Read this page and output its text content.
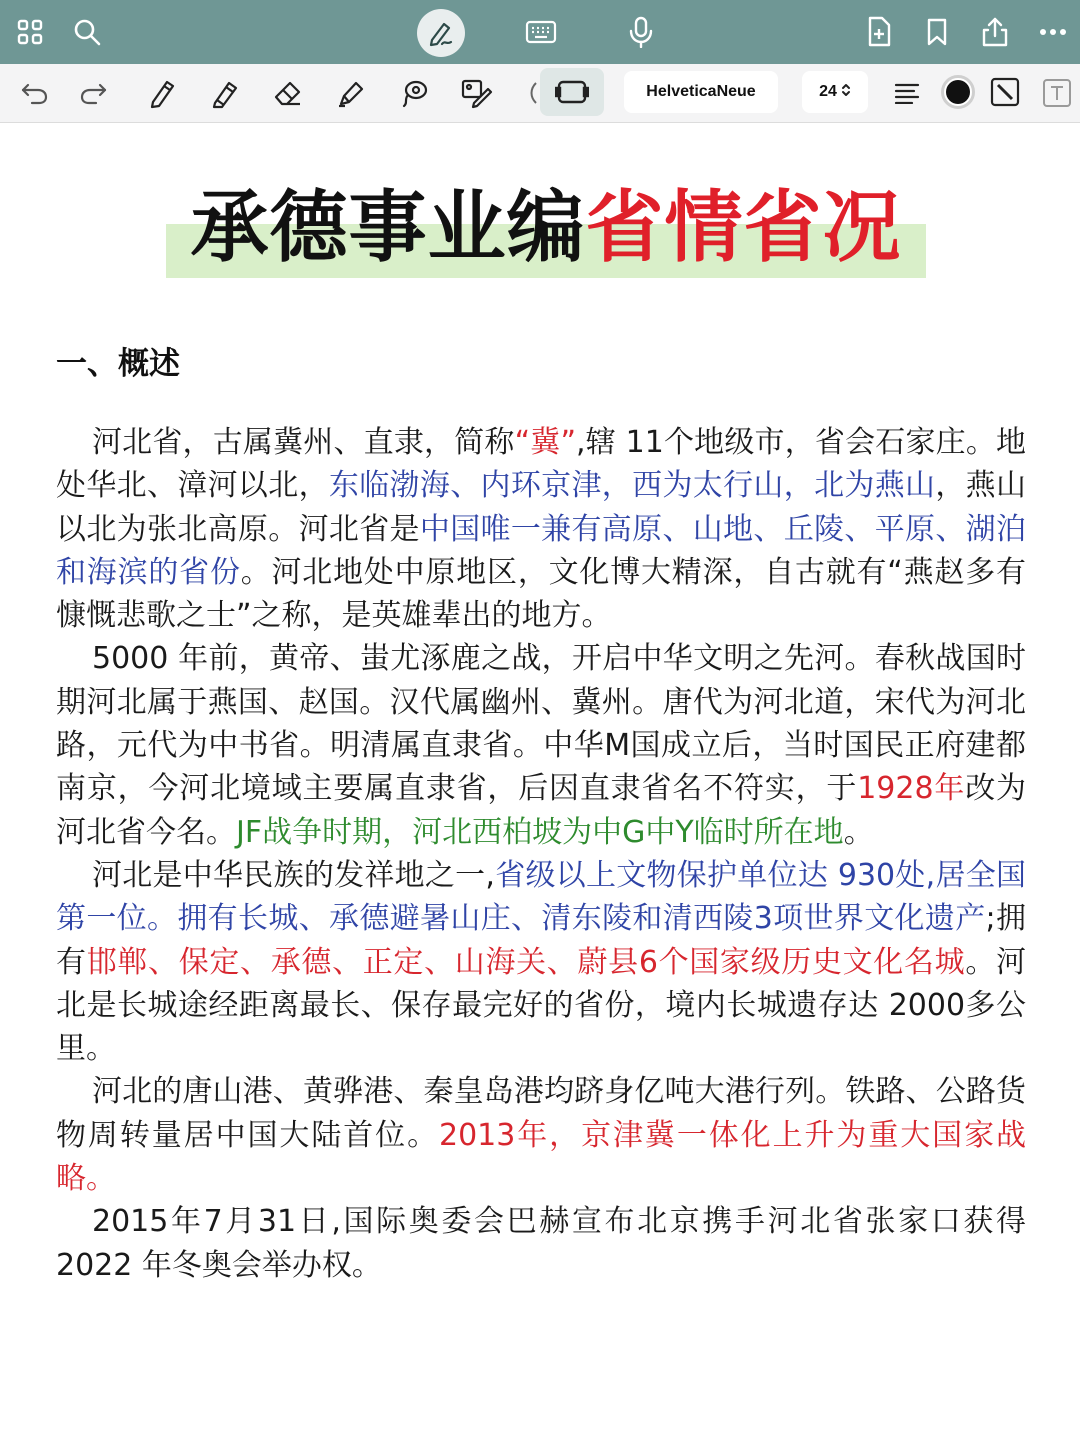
HelveticaNeue	24
承德事业编省情省况
一、概述

河北省，古属冀州、直隶，简称“冀”,辖 11个地级市，省会石家庄。地处华北、漳河以北，东临渤海、内环京津，西为太行山，北为燕山，燕山以北为张北高原。河北省是中国唯一兼有高原、山地、丘陵、平原、湖泊和海滨的省份。河北地处中原地区，文化博大精深，自古就有“燕赵多有慷慨悲歌之士”之称，是英雄辈出的地方。

5000 年前，黄帝、蚩尤涿鹿之战，开启中华文明之先河。春秋战国时期河北属于燕国、赵国。汉代属幽州、冀州。唐代为河北道，宋代为河北路，元代为中书省。明清属直隶省。中华M国成立后，当时国民正府建都南京，今河北境域主要属直隶省，后因直隶省名不符实，于1928年改为河北省今名。JF战争时期，河北西柏坡为中G中Y临时所在地。

河北是中华民族的发祥地之一,省级以上文物保护单位达 930处,居全国第一位。拥有长城、承德避暑山庄、清东陵和清西陵3项世界文化遗产;拥有邯郸、保定、承德、正定、山海关、蔚县6个国家级历史文化名城。河北是长城途经距离最长、保存最完好的省份，境内长城遗存达 2000多公里。

河北的唐山港、黄骅港、秦皇岛港均跻身亿吨大港行列。铁路、公路货物周转量居中国大陆首位。2013年，京津冀一体化上升为重大国家战略。

2015年7月31日,国际奥委会巴赫宣布北京携手河北省张家口获得2022 年冬奥会举办权。
